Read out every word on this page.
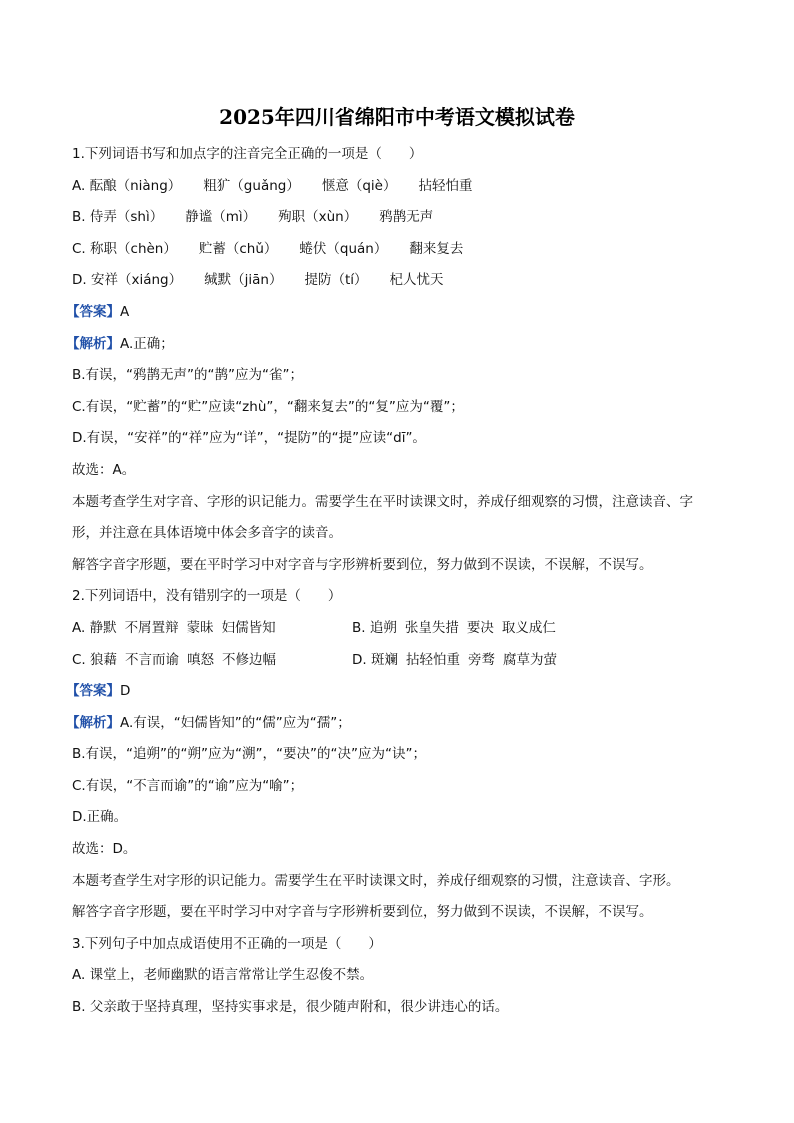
2025年四川省绵阳市中考语文模拟试卷
1.下列词语书写和加点字的注音完全正确的一项是（　　）
A. 酝酿（niàng） 粗犷（guǎng） 惬意（qiè） 拈轻怕重
B. 侍弄（shì） 静谧（mì） 殉职（xùn） 鸦鹊无声
C. 称职（chèn） 贮蓄（chǔ） 蜷伏（quán） 翻来复去
D. 安祥（xiáng） 缄默（jiān） 提防（tí） 杞人忧天
【答案】A
【解析】A.正确；
B.有误，“鸦鹊无声”的“鹊”应为“雀”；
C.有误，“贮蓄”的“贮”应读“zhù”，“翻来复去”的“复”应为“覆”；
D.有误，“安祥”的“祥”应为“详”，“提防”的“提”应读“dī”。
故选：A。
本题考查学生对字音、字形的识记能力。需要学生在平时读课文时，养成仔细观察的习惯，注意读音、字
形，并注意在具体语境中体会多音字的读音。
解答字音字形题，要在平时学习中对字音与字形辨析要到位，努力做到不误读，不误解，不误写。
2.下列词语中，没有错别字的一项是（　　）
A. 静默 不屑置辩 蒙昧 妇儒皆知	B. 追朔 张皇失措 要决 取义成仁
C. 狼藉 不言而谕 嗔怒 不修边幅	D. 斑斓 拈轻怕重 旁骛 腐草为萤
【答案】D
【解析】A.有误，“妇儒皆知”的“儒”应为“孺”；
B.有误，“追朔”的“朔”应为“溯”，“要决”的“决”应为“诀”；
C.有误，“不言而谕”的“谕”应为“喻”；
D.正确。
故选：D。
本题考查学生对字形的识记能力。需要学生在平时读课文时，养成仔细观察的习惯，注意读音、字形。
解答字音字形题，要在平时学习中对字音与字形辨析要到位，努力做到不误读，不误解，不误写。
3.下列句子中加点成语使用不正确的一项是（　　）
A. 课堂上，老师幽默的语言常常让学生忍俊不禁。
B. 父亲敢于坚持真理，坚持实事求是，很少随声附和，很少讲违心的话。
